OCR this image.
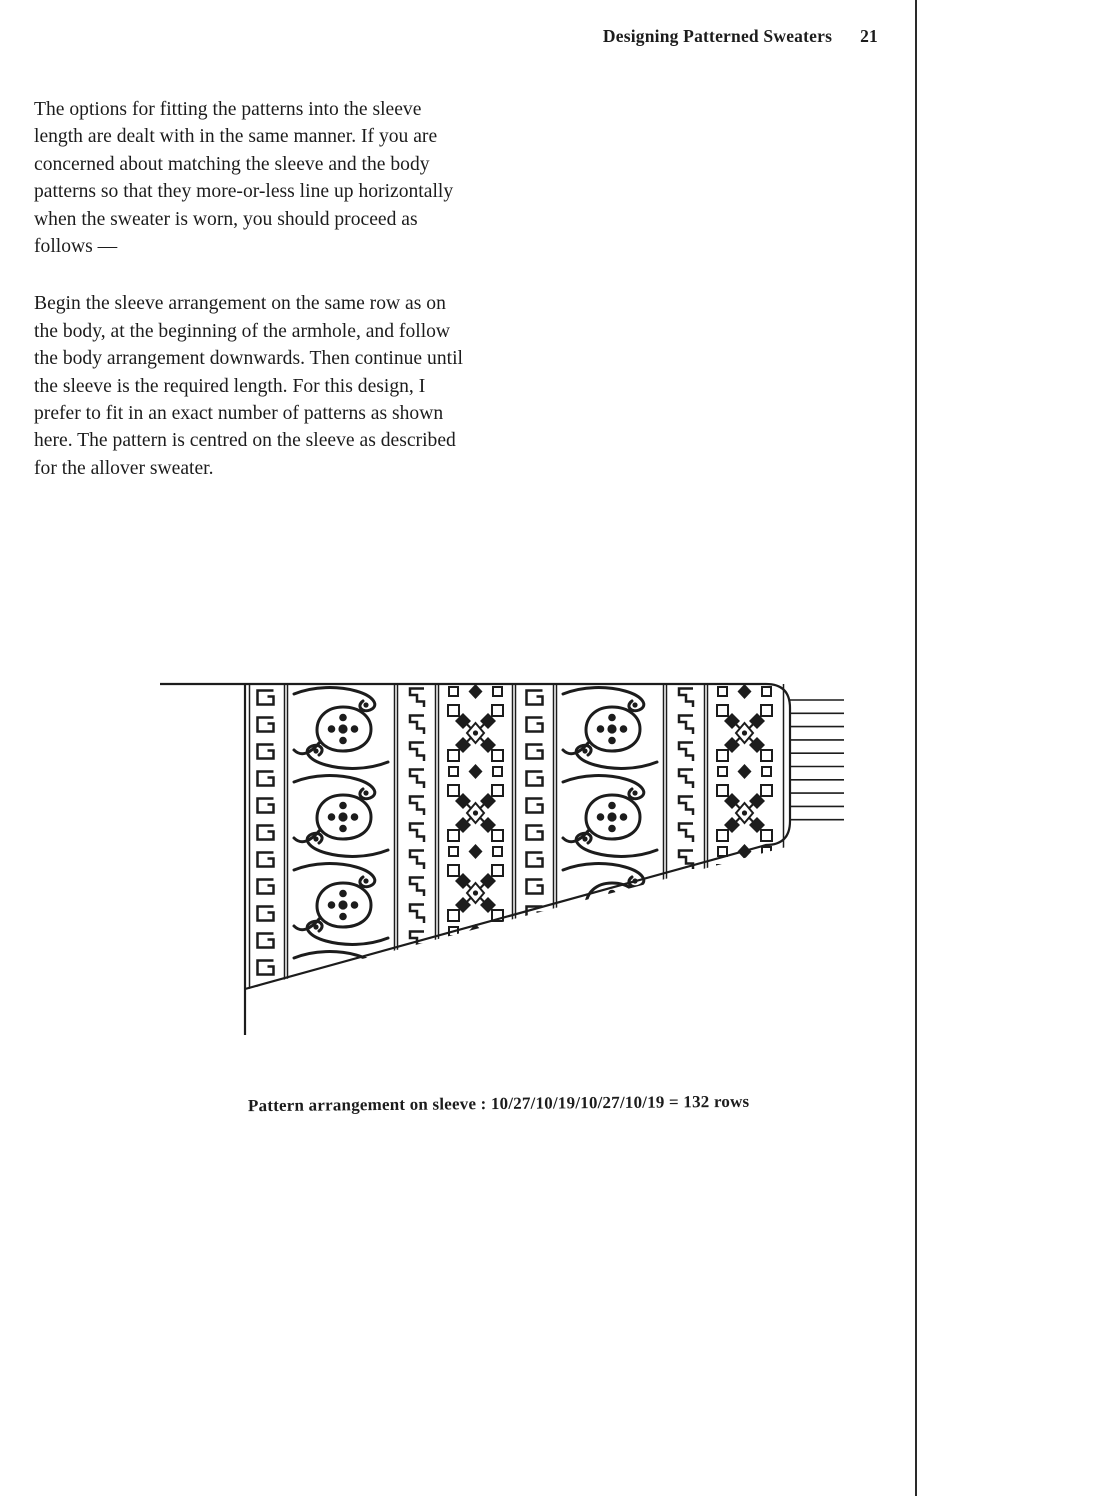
Designing Patterned Sweaters 21

The options for fitting the patterns into the sleeve length are dealt with in the same manner. If you are concerned about matching the sleeve and the body patterns so that they more-or-less line up horizontally when the sweater is worn, you should proceed as follows —

Begin the sleeve arrangement on the same row as on the body, at the beginning of the armhole, and follow the body arrangement downwards. Then continue until the sleeve is the required length. For this design, I prefer to fit in an exact number of patterns as shown here. The pattern is centred on the sleeve as described for the allover sweater.

Pattern arrangement on sleeve : 10/27/10/19/10/27/10/19 = 132 rows
